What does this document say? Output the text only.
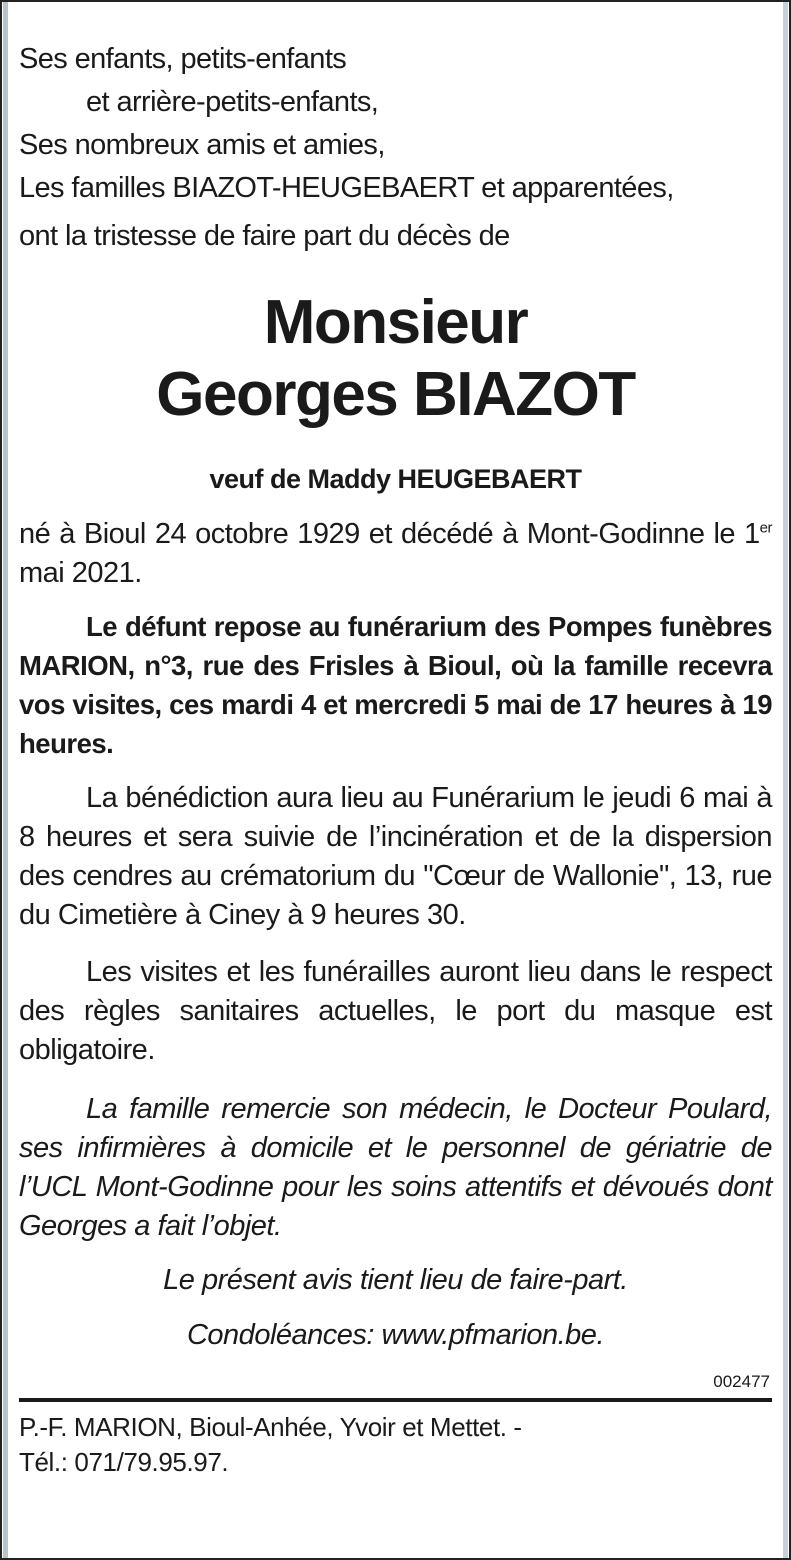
Ses enfants, petits-enfants
et arrière-petits-enfants,
Ses nombreux amis et amies,
Les familles BIAZOT-HEUGEBAERT et apparentées,
ont la tristesse de faire part du décès de
Monsieur
Georges BIAZOT
veuf de Maddy HEUGEBAERT
né à Bioul 24 octobre 1929 et décédé à Mont-Godinne le 1er mai 2021.
Le défunt repose au funérarium des Pompes funèbres MARION, n°3, rue des Frisles à Bioul, où la famille recevra vos visites, ces mardi 4 et mercredi 5 mai de 17 heures à 19 heures.
La bénédiction aura lieu au Funérarium le jeudi 6 mai à 8 heures et sera suivie de l’incinération et de la dispersion des cendres au crématorium du "Cœur de Wallonie", 13, rue du Cimetière à Ciney à 9 heures 30.
Les visites et les funérailles auront lieu dans le respect des règles sanitaires actuelles, le port du masque est obligatoire.
La famille remercie son médecin, le Docteur Poulard, ses infirmières à domicile et le personnel de gériatrie de l’UCL Mont-Godinne pour les soins attentifs et dévoués dont Georges a fait l’objet.
Le présent avis tient lieu de faire-part.
Condoléances: www.pfmarion.be.
002477
P.-F. MARION, Bioul-Anhée, Yvoir et Mettet. -
Tél.: 071/79.95.97.
